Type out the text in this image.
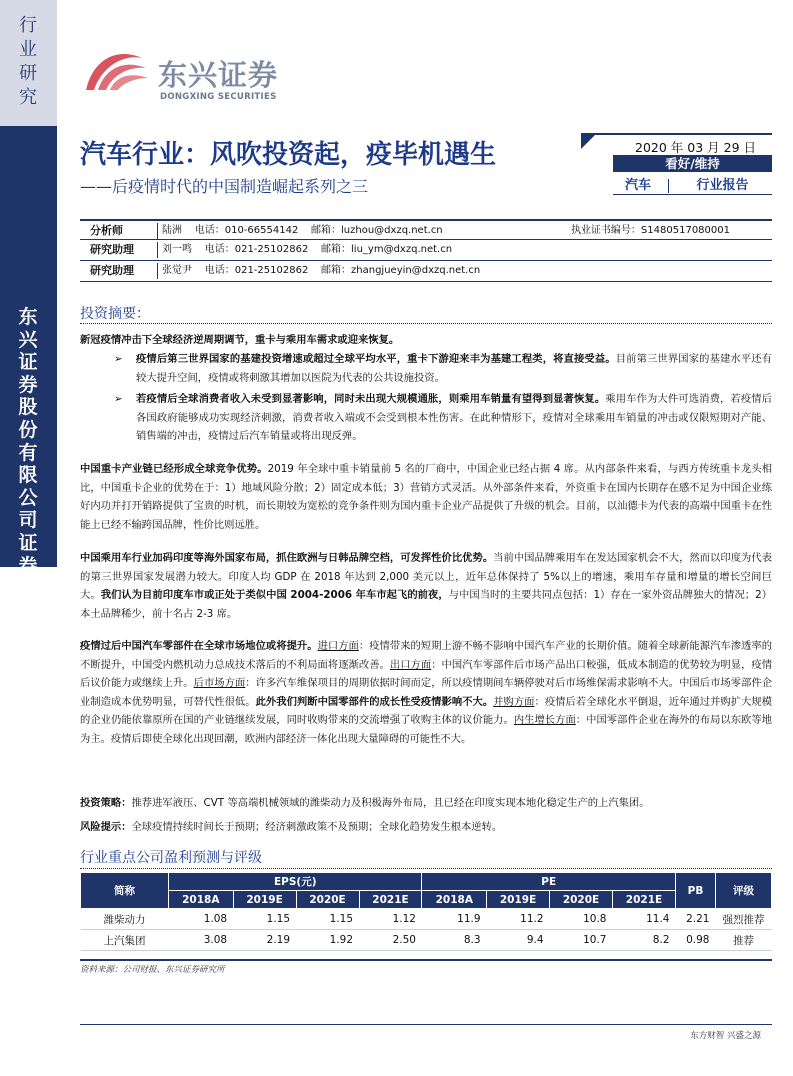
行业研究
东兴证券股份有限公司证券研究报告
东兴证券
DONGXING SECURITIES
汽车行业：风吹投资起，疫毕机遇生
——后疫情时代的中国制造崛起系列之三
2020 年 03 月 29 日
看好/维持
汽车	行业报告
分析师	陆洲    电话：010-66554142    邮箱：luzhou@dxzq.net.cn	执业证书编号：S1480517080001
研究助理	刘一鸣    电话：021-25102862    邮箱：liu_ym@dxzq.net.cn
研究助理	张觉尹    电话：021-25102862    邮箱：zhangjueyin@dxzq.net.cn
投资摘要：
新冠疫情冲击下全球经济逆周期调节，重卡与乘用车需求或迎来恢复。
➢ 疫情后第三世界国家的基建投资增速或超过全球平均水平，重卡下游迎来丰为基建工程类，将直接受益。目前第三世界国家的基建水平还有较大提升空间，疫情或将刺激其增加以医院为代表的公共设施投资。
➢ 若疫情后全球消费者收入未受到显著影响，同时未出现大规模通胀，则乘用车销量有望得到显著恢复。乘用车作为大件可选消费，若疫情后各国政府能够成功实现经济刺激，消费者收入端或不会受到根本性伤害。在此种情形下，疫情对全球乘用车销量的冲击或仅限短期对产能、销售端的冲击，疫情过后汽车销量或将出现反弹。
中国重卡产业链已经形成全球竞争优势。2019 年全球中重卡销量前 5 名的厂商中，中国企业已经占据 4 席。从内部条件来看，与西方传统重卡龙头相比，中国重卡企业的优势在于：1）地域风险分散；2）固定成本低；3）营销方式灵活。从外部条件来看，外资重卡在国内长期存在感不足为中国企业练好内功并打开销路提供了宝贵的时机，而长期较为宽松的竞争条件则为国内重卡企业产品提供了升级的机会。目前，以汕德卡为代表的高端中国重卡在性能上已经不输跨国品牌，性价比则远胜。
中国乘用车行业加码印度等海外国家布局，抓住欧洲与日韩品牌空档，可发挥性价比优势。当前中国品牌乘用车在发达国家机会不大，然而以印度为代表的第三世界国家发展潜力较大。印度人均 GDP 在 2018 年达到 2,000 美元以上，近年总体保持了 5%以上的增速，乘用车存量和增量的增长空间巨大。我们认为目前印度车市或正处于类似中国 2004-2006 年车市起飞的前夜，与中国当时的主要共同点包括：1）存在一家外资品牌独大的情况；2）本土品牌稀少，前十名占 2-3 席。
疫情过后中国汽车零部件在全球市场地位或将提升。进口方面：疫情带来的短期上游不畅不影响中国汽车产业的长期价值。随着全球新能源汽车渗透率的不断提升，中国受内燃机动力总成技术落后的不利局面将逐渐改善。出口方面：中国汽车零部件后市场产品出口較强，低成本制造的优势较为明显，疫情后议价能力或继续上升。后市场方面：许多汽车维保项目的周期依据时间而定，所以疫情期间车辆停驶对后市场维保需求影响不大。中国后市场零部件企业制造成本优势明显，可替代性很低。此外我们判断中国零部件的成长性受疫情影响不大。并购方面：疫情后若全球化水平倒退，近年通过并购扩大规模的企业仍能依靠原所在国的产业链继续发展，同时收购带来的交流增强了收购主体的议价能力。内生增长方面：中国零部件企业在海外的布局以东欧等地为主。疫情后即使全球化出现回潮，欧洲内部经济一体化出现大量障碍的可能性不大。
投资策略：推荐进军液压、CVT 等高端机械领域的潍柴动力及积极海外布局，且已经在印度实现本地化稳定生产的上汽集团。
风险提示：全球疫情持续时间长于预期；经济刺激政策不及预期；全球化趋势发生根本逆转。
行业重点公司盈利预测与评级
简称	EPS(元)				PE				PB	评级
	2018A	2019E	2020E	2021E	2018A	2019E	2020E	2021E		
潍柴动力	1.08	1.15	1.15	1.12	11.9	11.2	10.8	11.4	2.21	强烈推荐
上汽集团	3.08	2.19	1.92	2.50	8.3	9.4	10.7	8.2	0.98	推荐
资料来源：公司财报、东兴证券研究所
东方财智 兴盛之源
